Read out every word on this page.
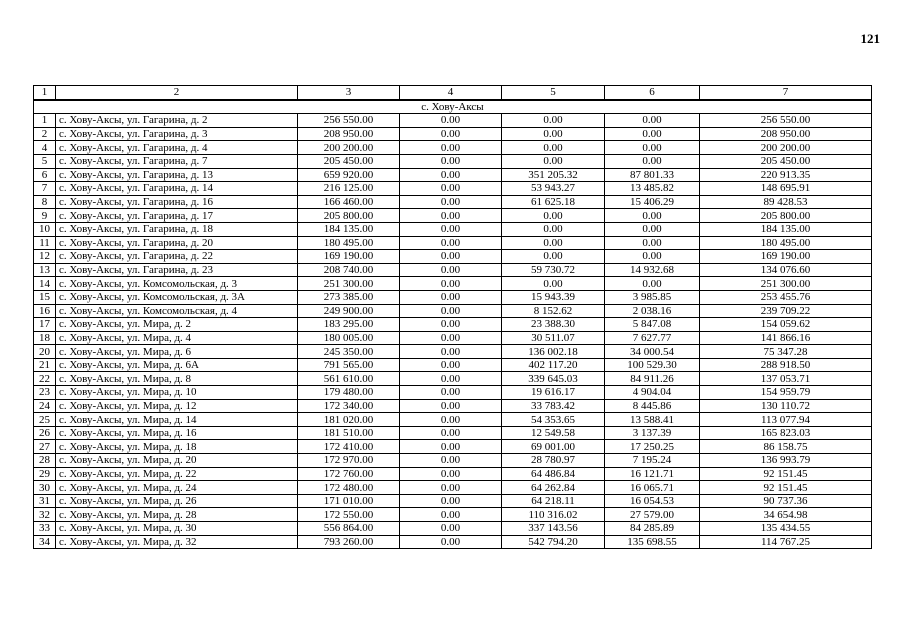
121
1	2	3	4	5	6	7
с. Хову-Аксы						
1	с. Хову-Аксы, ул. Гагарина, д. 2	256 550.00	0.00	0.00	0.00	256 550.00
2	с. Хову-Аксы, ул. Гагарина, д. 3	208 950.00	0.00	0.00	0.00	208 950.00
4	с. Хову-Аксы, ул. Гагарина, д. 4	200 200.00	0.00	0.00	0.00	200 200.00
5	с. Хову-Аксы, ул. Гагарина, д. 7	205 450.00	0.00	0.00	0.00	205 450.00
6	с. Хову-Аксы, ул. Гагарина, д. 13	659 920.00	0.00	351 205.32	87 801.33	220 913.35
7	с. Хову-Аксы, ул. Гагарина, д. 14	216 125.00	0.00	53 943.27	13 485.82	148 695.91
8	с. Хову-Аксы, ул. Гагарина, д. 16	166 460.00	0.00	61 625.18	15 406.29	89 428.53
9	с. Хову-Аксы, ул. Гагарина, д. 17	205 800.00	0.00	0.00	0.00	205 800.00
10	с. Хову-Аксы, ул. Гагарина, д. 18	184 135.00	0.00	0.00	0.00	184 135.00
11	с. Хову-Аксы, ул. Гагарина, д. 20	180 495.00	0.00	0.00	0.00	180 495.00
12	с. Хову-Аксы, ул. Гагарина, д. 22	169 190.00	0.00	0.00	0.00	169 190.00
13	с. Хову-Аксы, ул. Гагарина, д. 23	208 740.00	0.00	59 730.72	14 932.68	134 076.60
14	с. Хову-Аксы, ул. Комсомольская, д. 3	251 300.00	0.00	0.00	0.00	251 300.00
15	с. Хову-Аксы, ул. Комсомольская, д. 3А	273 385.00	0.00	15 943.39	3 985.85	253 455.76
16	с. Хову-Аксы, ул. Комсомольская, д. 4	249 900.00	0.00	8 152.62	2 038.16	239 709.22
17	с. Хову-Аксы, ул. Мира, д. 2	183 295.00	0.00	23 388.30	5 847.08	154 059.62
18	с. Хову-Аксы, ул. Мира, д. 4	180 005.00	0.00	30 511.07	7 627.77	141 866.16
20	с. Хову-Аксы, ул. Мира, д. 6	245 350.00	0.00	136 002.18	34 000.54	75 347.28
21	с. Хову-Аксы, ул. Мира, д. 6А	791 565.00	0.00	402 117.20	100 529.30	288 918.50
22	с. Хову-Аксы, ул. Мира, д. 8	561 610.00	0.00	339 645.03	84 911.26	137 053.71
23	с. Хову-Аксы, ул. Мира, д. 10	179 480.00	0.00	19 616.17	4 904.04	154 959.79
24	с. Хову-Аксы, ул. Мира, д. 12	172 340.00	0.00	33 783.42	8 445.86	130 110.72
25	с. Хову-Аксы, ул. Мира, д. 14	181 020.00	0.00	54 353.65	13 588.41	113 077.94
26	с. Хову-Аксы, ул. Мира, д. 16	181 510.00	0.00	12 549.58	3 137.39	165 823.03
27	с. Хову-Аксы, ул. Мира, д. 18	172 410.00	0.00	69 001.00	17 250.25	86 158.75
28	с. Хову-Аксы, ул. Мира, д. 20	172 970.00	0.00	28 780.97	7 195.24	136 993.79
29	с. Хову-Аксы, ул. Мира, д. 22	172 760.00	0.00	64 486.84	16 121.71	92 151.45
30	с. Хову-Аксы, ул. Мира, д. 24	172 480.00	0.00	64 262.84	16 065.71	92 151.45
31	с. Хову-Аксы, ул. Мира, д. 26	171 010.00	0.00	64 218.11	16 054.53	90 737.36
32	с. Хову-Аксы, ул. Мира, д. 28	172 550.00	0.00	110 316.02	27 579.00	34 654.98
33	с. Хову-Аксы, ул. Мира, д. 30	556 864.00	0.00	337 143.56	84 285.89	135 434.55
34	с. Хову-Аксы, ул. Мира, д. 32	793 260.00	0.00	542 794.20	135 698.55	114 767.25
